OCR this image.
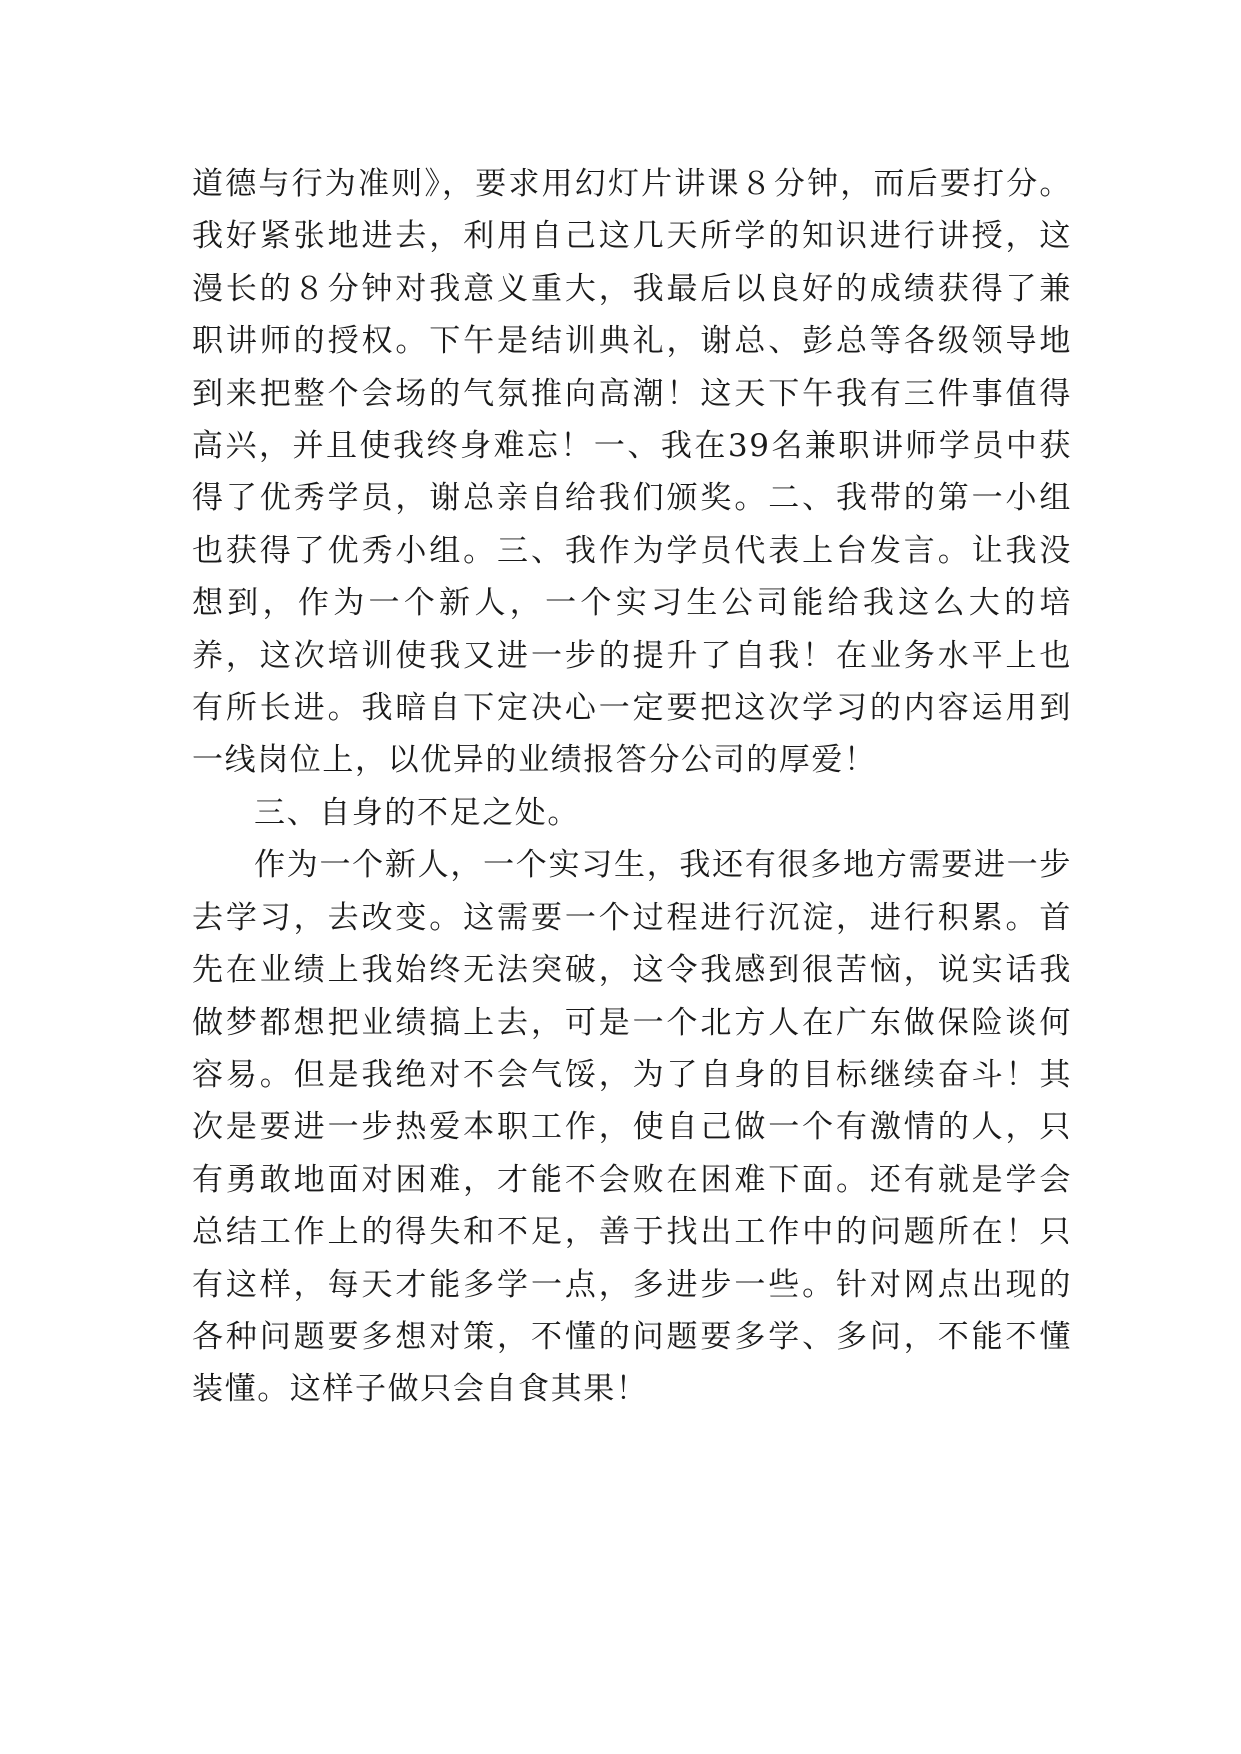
道德与行为准则》，要求用幻灯片讲课８分钟，而后要打分。我好紧张地进去，利用自己这几天所学的知识进行讲授，这漫长的８分钟对我意义重大，我最后以良好的成绩获得了兼职讲师的授权。下午是结训典礼，谢总、彭总等各级领导地到来把整个会场的气氛推向高潮！这天下午我有三件事值得高兴，并且使我终身难忘！一、我在39名兼职讲师学员中获得了优秀学员，谢总亲自给我们颁奖。二、我带的第一小组也获得了优秀小组。三、我作为学员代表上台发言。让我没想到，作为一个新人，一个实习生公司能给我这么大的培养，这次培训使我又进一步的提升了自我！在业务水平上也有所长进。我暗自下定决心一定要把这次学习的内容运用到一线岗位上，以优异的业绩报答分公司的厚爱！

三、自身的不足之处。

作为一个新人，一个实习生，我还有很多地方需要进一步去学习，去改变。这需要一个过程进行沉淀，进行积累。首先在业绩上我始终无法突破，这令我感到很苦恼，说实话我做梦都想把业绩搞上去，可是一个北方人在广东做保险谈何容易。但是我绝对不会气馁，为了自身的目标继续奋斗！其次是要进一步热爱本职工作，使自己做一个有激情的人，只有勇敢地面对困难，才能不会败在困难下面。还有就是学会总结工作上的得失和不足，善于找出工作中的问题所在！只有这样，每天才能多学一点，多进步一些。针对网点出现的各种问题要多想对策，不懂的问题要多学、多问，不能不懂装懂。这样子做只会自食其果！
